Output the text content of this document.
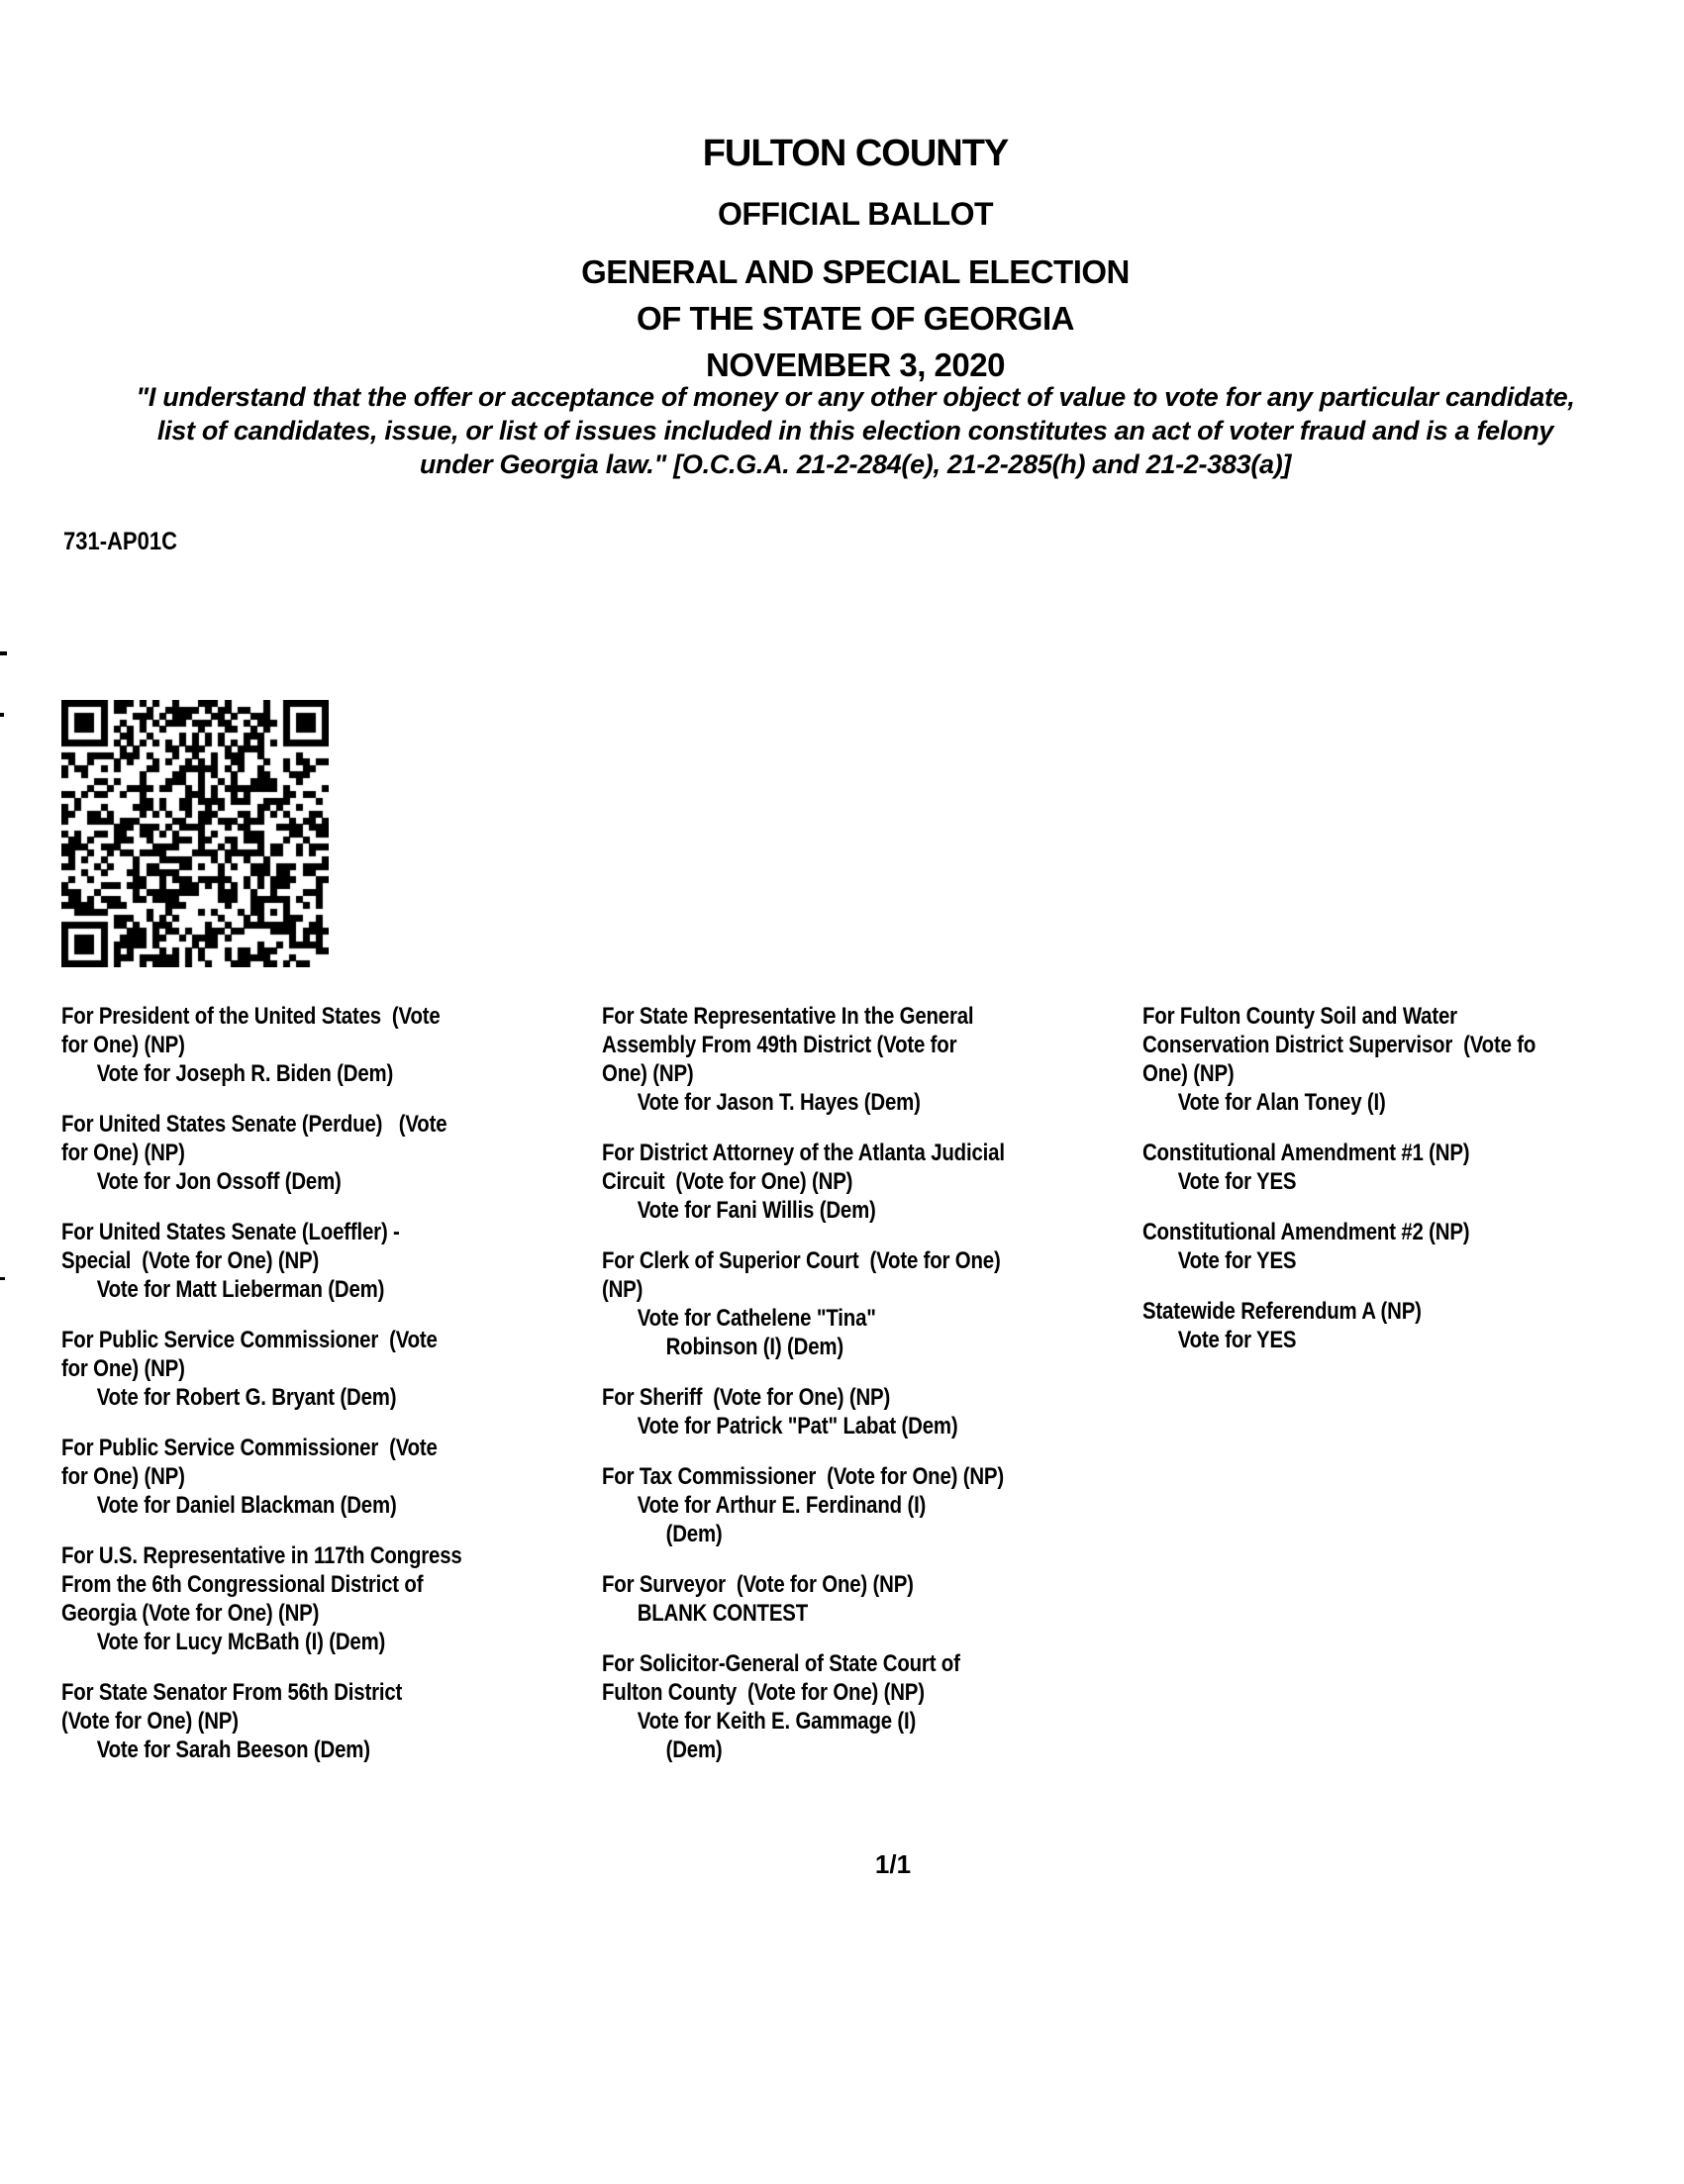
FULTON COUNTY
OFFICIAL BALLOT
GENERAL AND SPECIAL ELECTION
OF THE STATE OF GEORGIA
NOVEMBER 3, 2020
"I understand that the offer or acceptance of money or any other object of value to vote for any particular candidate,
list of candidates, issue, or list of issues included in this election constitutes an act of voter fraud and is a felony
under Georgia law." [O.C.G.A. 21-2-284(e), 21-2-285(h) and 21-2-383(a)]
731-AP01C
For President of the United States  (Vote
for One) (NP)
Vote for Joseph R. Biden (Dem)
For United States Senate (Perdue)   (Vote
for One) (NP)
Vote for Jon Ossoff (Dem)
For United States Senate (Loeffler) -
Special  (Vote for One) (NP)
Vote for Matt Lieberman (Dem)
For Public Service Commissioner  (Vote
for One) (NP)
Vote for Robert G. Bryant (Dem)
For Public Service Commissioner  (Vote
for One) (NP)
Vote for Daniel Blackman (Dem)
For U.S. Representative in 117th Congress
From the 6th Congressional District of
Georgia (Vote for One) (NP)
Vote for Lucy McBath (I) (Dem)
For State Senator From 56th District
(Vote for One) (NP)
Vote for Sarah Beeson (Dem)
For State Representative In the General
Assembly From 49th District (Vote for
One) (NP)
Vote for Jason T. Hayes (Dem)
For District Attorney of the Atlanta Judicial
Circuit  (Vote for One) (NP)
Vote for Fani Willis (Dem)
For Clerk of Superior Court  (Vote for One)
(NP)
Vote for Cathelene "Tina"
Robinson (I) (Dem)
For Sheriff  (Vote for One) (NP)
Vote for Patrick "Pat" Labat (Dem)
For Tax Commissioner  (Vote for One) (NP)
Vote for Arthur E. Ferdinand (I)
(Dem)
For Surveyor  (Vote for One) (NP)
BLANK CONTEST
For Solicitor-General of State Court of
Fulton County  (Vote for One) (NP)
Vote for Keith E. Gammage (I)
(Dem)
For Fulton County Soil and Water
Conservation District Supervisor  (Vote fo
One) (NP)
Vote for Alan Toney (I)
Constitutional Amendment #1 (NP)
Vote for YES
Constitutional Amendment #2 (NP)
Vote for YES
Statewide Referendum A (NP)
Vote for YES
1/1
